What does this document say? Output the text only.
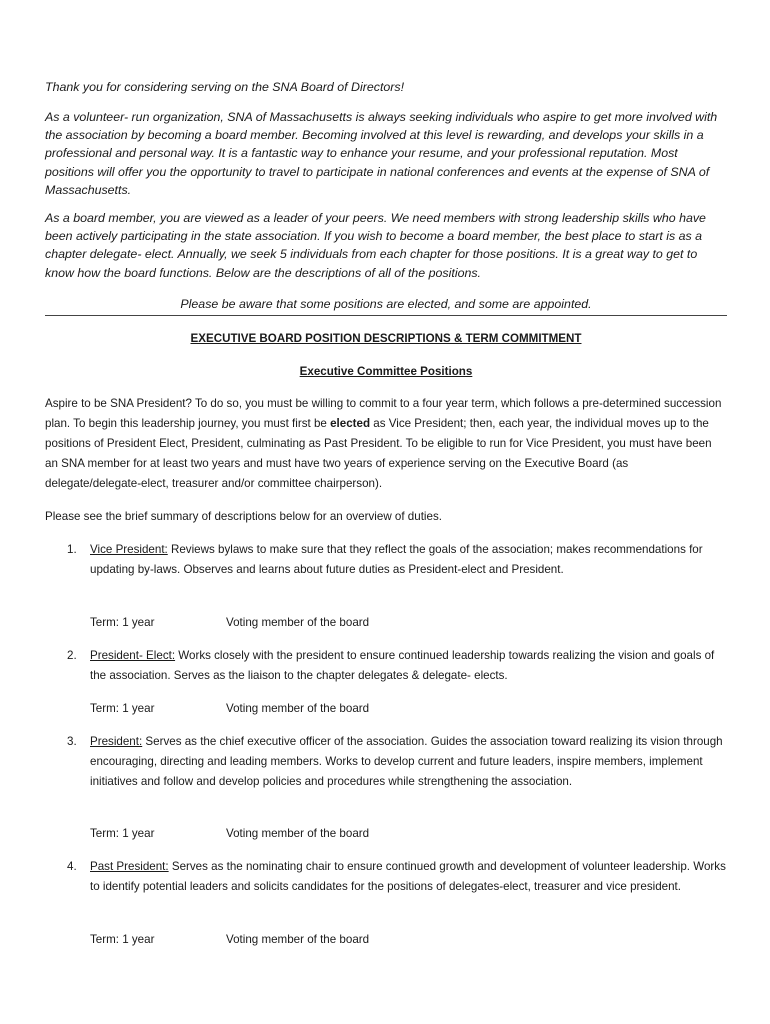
Thank you for considering serving on the SNA Board of Directors!

As a volunteer- run organization, SNA of Massachusetts is always seeking individuals who aspire to get more involved with the association by becoming a board member. Becoming involved at this level is rewarding, and develops your skills in a professional and personal way. It is a fantastic way to enhance your resume, and your professional reputation. Most positions will offer you the opportunity to travel to participate in national conferences and events at the expense of SNA of Massachusetts.

As a board member, you are viewed as a leader of your peers. We need members with strong leadership skills who have been actively participating in the state association. If you wish to become a board member, the best place to start is as a chapter delegate- elect. Annually, we seek 5 individuals from each chapter for those positions. It is a great way to get to know how the board functions. Below are the descriptions of all of the positions.

Please be aware that some positions are elected, and some are appointed.

EXECUTIVE BOARD POSITION DESCRIPTIONS & TERM COMMITMENT

Executive Committee Positions

Aspire to be SNA President? To do so, you must be willing to commit to a four year term, which follows a pre-determined succession plan. To begin this leadership journey, you must first be elected as Vice President; then, each year, the individual moves up to the positions of President Elect, President, culminating as Past President. To be eligible to run for Vice President, you must have been an SNA member for at least two years and must have two years of experience serving on the Executive Board (as delegate/delegate-elect, treasurer and/or committee chairperson).

Please see the brief summary of descriptions below for an overview of duties.

1. Vice President: Reviews bylaws to make sure that they reflect the goals of the association; makes recommendations for updating by-laws. Observes and learns about future duties as President-elect and President.

Term: 1 year	Voting member of the board
2. President- Elect: Works closely with the president to ensure continued leadership towards realizing the vision and goals of the association. Serves as the liaison to the chapter delegates & delegate- elects.

Term: 1 year	Voting member of the board
3. President: Serves as the chief executive officer of the association. Guides the association toward realizing its vision through encouraging, directing and leading members. Works to develop current and future leaders, inspire members, implement initiatives and follow and develop policies and procedures while strengthening the association.

Term: 1 year	Voting member of the board
4. Past President: Serves as the nominating chair to ensure continued growth and development of volunteer leadership. Works to identify potential leaders and solicits candidates for the positions of delegates-elect, treasurer and vice president.

Term: 1 year	Voting member of the board
